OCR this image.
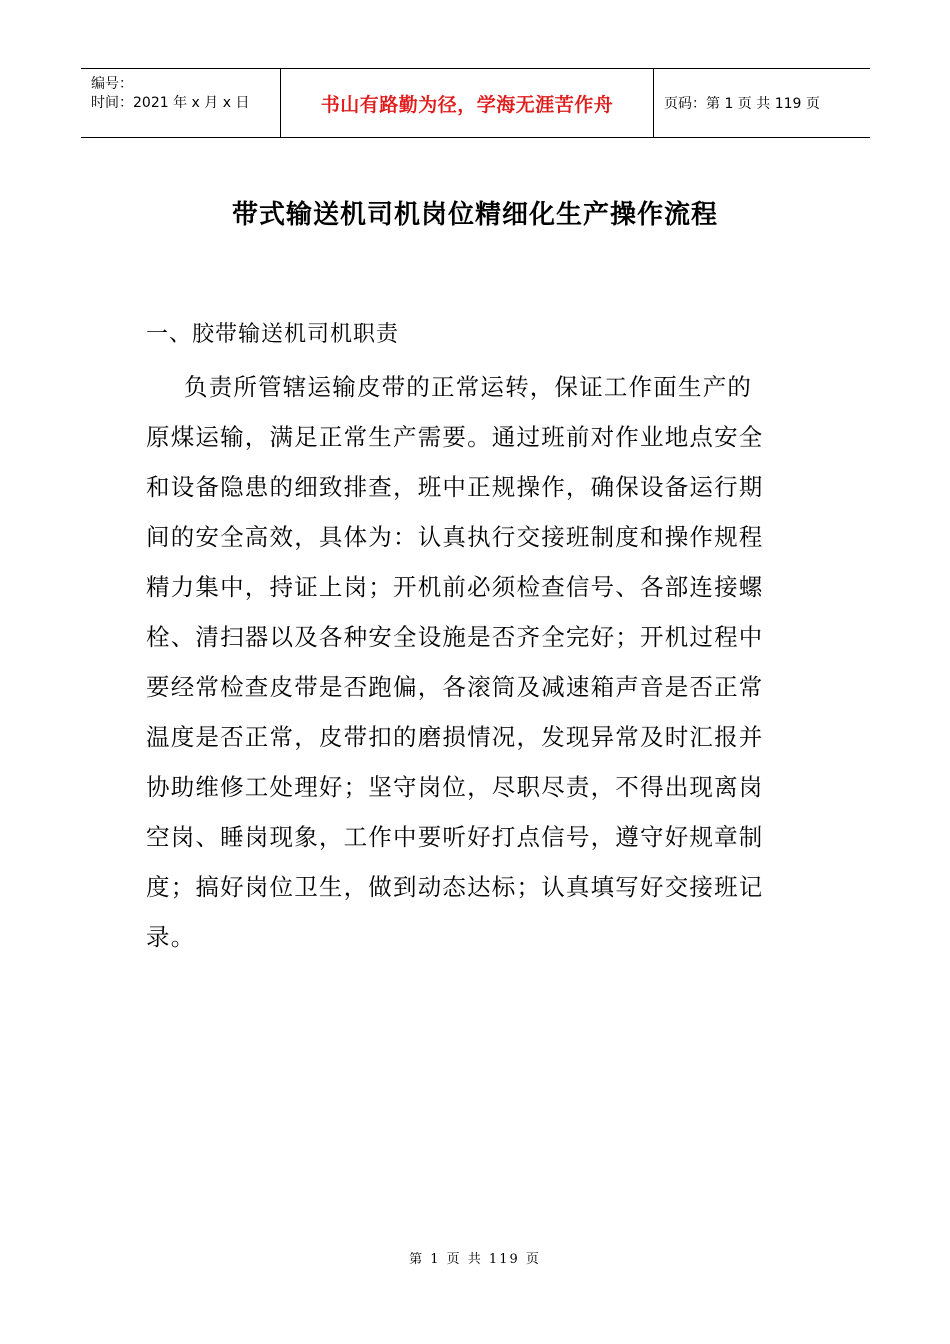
编号：
时间：2021 年 x 月 x 日	书山有路勤为径，学海无涯苦作舟	页码：第 1 页 共 119 页
带式输送机司机岗位精细化生产操作流程
一、胶带输送机司机职责
负责所管辖运输皮带的正常运转，保证工作面生产的
原煤运输，满足正常生产需要。通过班前对作业地点安全
和设备隐患的细致排查，班中正规操作，确保设备运行期
间的安全高效，具体为：认真执行交接班制度和操作规程
精力集中，持证上岗；开机前必须检查信号、各部连接螺
栓、清扫器以及各种安全设施是否齐全完好；开机过程中
要经常检查皮带是否跑偏，各滚筒及减速箱声音是否正常
温度是否正常，皮带扣的磨损情况，发现异常及时汇报并
协助维修工处理好；坚守岗位，尽职尽责，不得出现离岗
空岗、睡岗现象，工作中要听好打点信号，遵守好规章制
度；搞好岗位卫生，做到动态达标；认真填写好交接班记
录。
第 1 页 共 119 页
